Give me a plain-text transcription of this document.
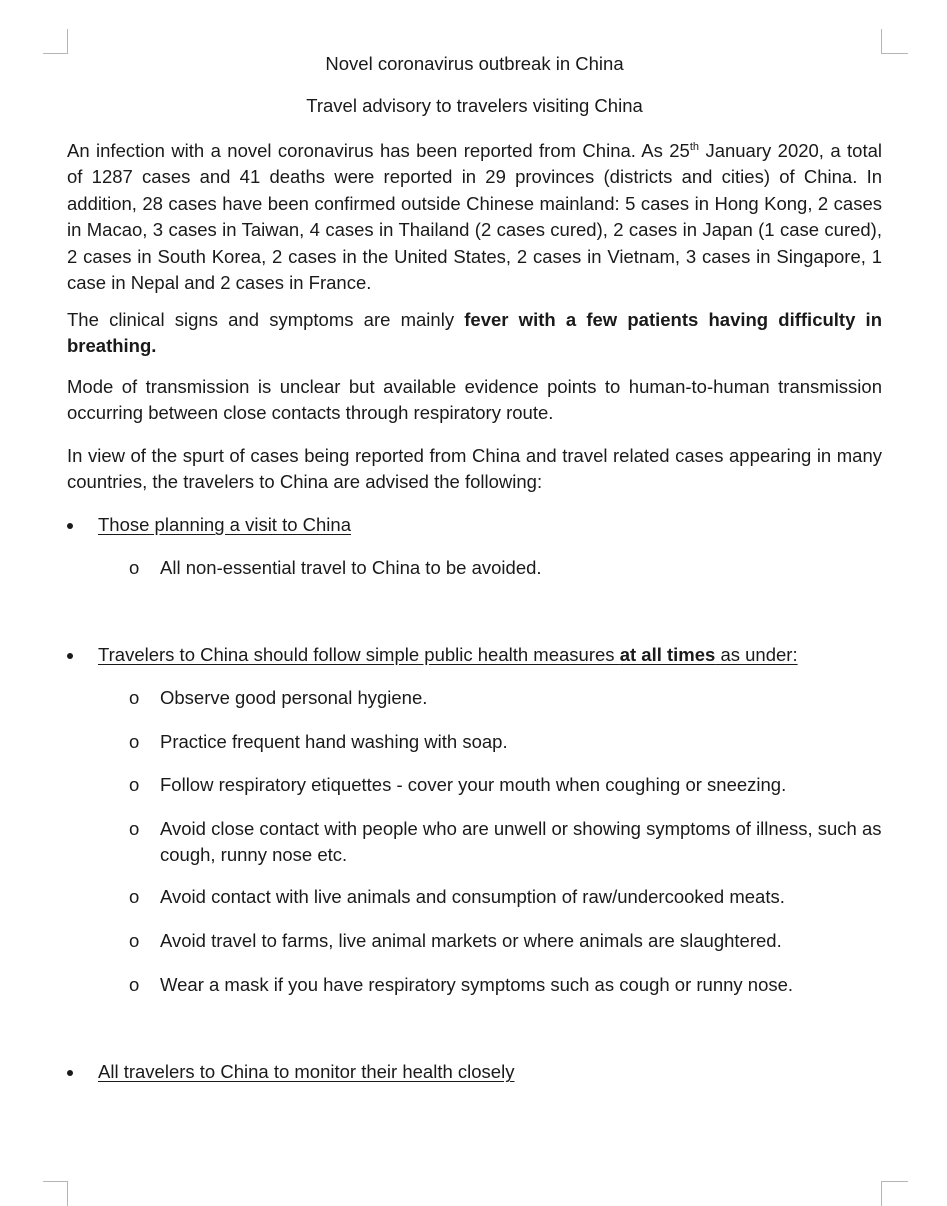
Novel coronavirus outbreak in China

Travel advisory to travelers visiting China

An infection with a novel coronavirus has been reported from China. As 25th January 2020, a total of 1287 cases and 41 deaths were reported in 29 provinces (districts and cities) of China. In addition, 28 cases have been confirmed outside Chinese mainland: 5 cases in Hong Kong, 2 cases in Macao, 3 cases in Taiwan, 4 cases in Thailand (2 cases cured), 2 cases in Japan (1 case cured), 2 cases in South Korea, 2 cases in the United States, 2 cases in Vietnam, 3 cases in Singapore, 1 case in Nepal and 2 cases in France.

The clinical signs and symptoms are mainly fever with a few patients having difficulty in breathing.

Mode of transmission is unclear but available evidence points to human-to-human transmission occurring between close contacts through respiratory route.

In view of the spurt of cases being reported from China and travel related cases appearing in many countries, the travelers to China are advised the following:

Those planning a visit to China
o All non-essential travel to China to be avoided.
Travelers to China should follow simple public health measures at all times as under:
o Observe good personal hygiene.
o Practice frequent hand washing with soap.
o Follow respiratory etiquettes - cover your mouth when coughing or sneezing.
o Avoid close contact with people who are unwell or showing symptoms of illness, such as cough, runny nose etc.
o Avoid contact with live animals and consumption of raw/undercooked meats.
o Avoid travel to farms, live animal markets or where animals are slaughtered.
o Wear a mask if you have respiratory symptoms such as cough or runny nose.
All travelers to China to monitor their health closely
